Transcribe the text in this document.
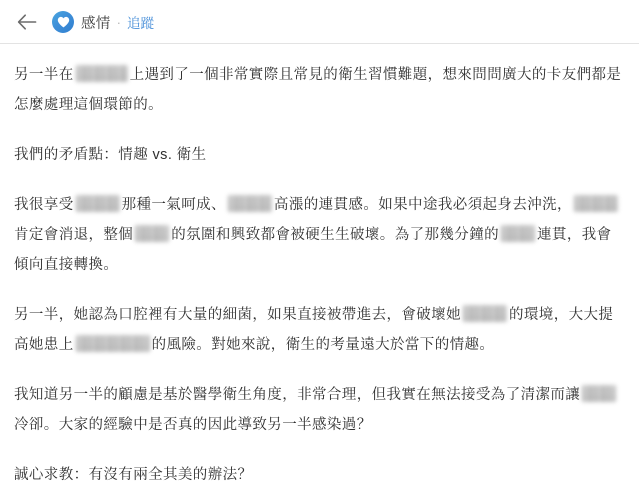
感情 · 追蹤

另一半在	上遇到了一個非常實際且常見的衛生習慣難題，想來問問廣大的卡友們都是怎麼處理這個環節的。

我們的矛盾點：情趣 vs. 衛生

我很享受	那種一氣呵成、	高漲的連貫感。如果中途我必須起身去沖洗，肯定會消退，整個	的氛圍和興致都會被硬生生破壞。為了那幾分鐘的	連貫，我會傾向直接轉換。

另一半，她認為口腔裡有大量的細菌，如果直接被帶進去，會破壞她	的環境，大大提高她患上	的風險。對她來說，衛生的考量遠大於當下的情趣。

我知道另一半的顧慮是基於醫學衛生角度，非常合理，但我實在無法接受為了清潔而讓冷卻。大家的經驗中是否真的因此導致另一半感染過？

誠心求教：有沒有兩全其美的辦法？
